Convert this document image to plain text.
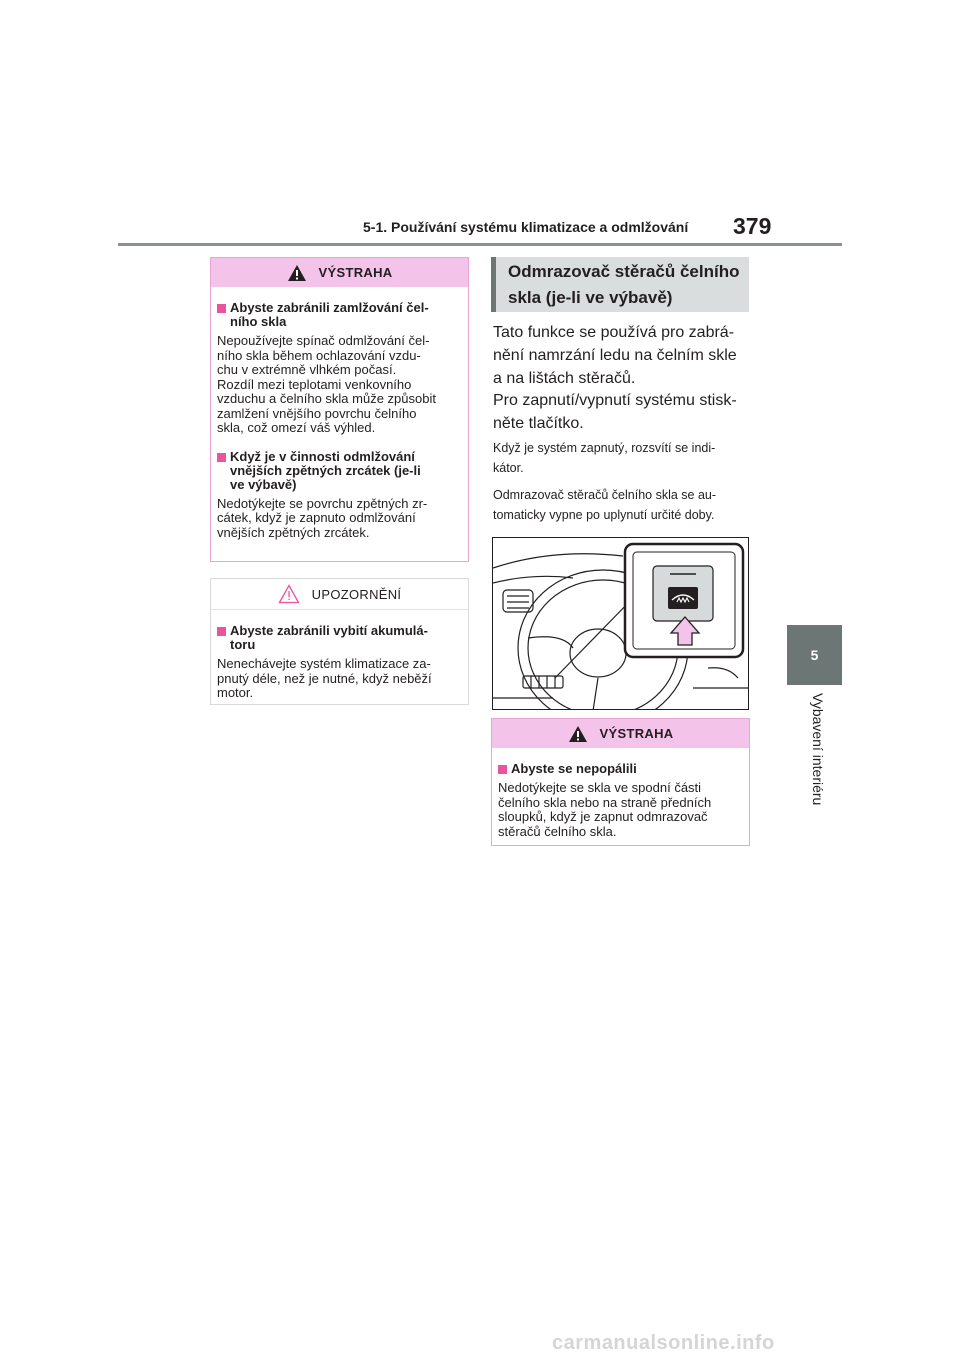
5-1. Používání systému klimatizace a odmlžování 379
5
Vybavení interiéru
VÝSTRAHA
Abyste zabránili zamlžování čel-
ního skla
Nepoužívejte spínač odmlžování čel-
ního skla během ochlazování vzdu-
chu v extrémně vlhkém počasí.
Rozdíl mezi teplotami venkovního
vzduchu a čelního skla může způsobit
zamlžení vnějšího povrchu čelního
skla, což omezí váš výhled.
Když je v činnosti odmlžování
vnějších zpětných zrcátek (je-li
ve výbavě)
Nedotýkejte se povrchu zpětných zr-
cátek, když je zapnuto odmlžování
vnějších zpětných zrcátek.
UPOZORNĚNÍ
Abyste zabránili vybití akumulá-
toru
Nenechávejte systém klimatizace za-
pnutý déle, než je nutné, když neběží
motor.
Odmrazovač stěračů čelního
skla (je-li ve výbavě)
Tato funkce se používá pro zabrá-
nění namrzání ledu na čelním skle
a na lištách stěračů.
Pro zapnutí/vypnutí systému stisk-
něte tlačítko.
Když je systém zapnutý, rozsvítí se indi-
kátor.
Odmrazovač stěračů čelního skla se au-
tomaticky vypne po uplynutí určité doby.
VÝSTRAHA
Abyste se nepopálili
Nedotýkejte se skla ve spodní části
čelního skla nebo na straně předních
sloupků, když je zapnut odmrazovač
stěračů čelního skla.
carmanualsonline.info
